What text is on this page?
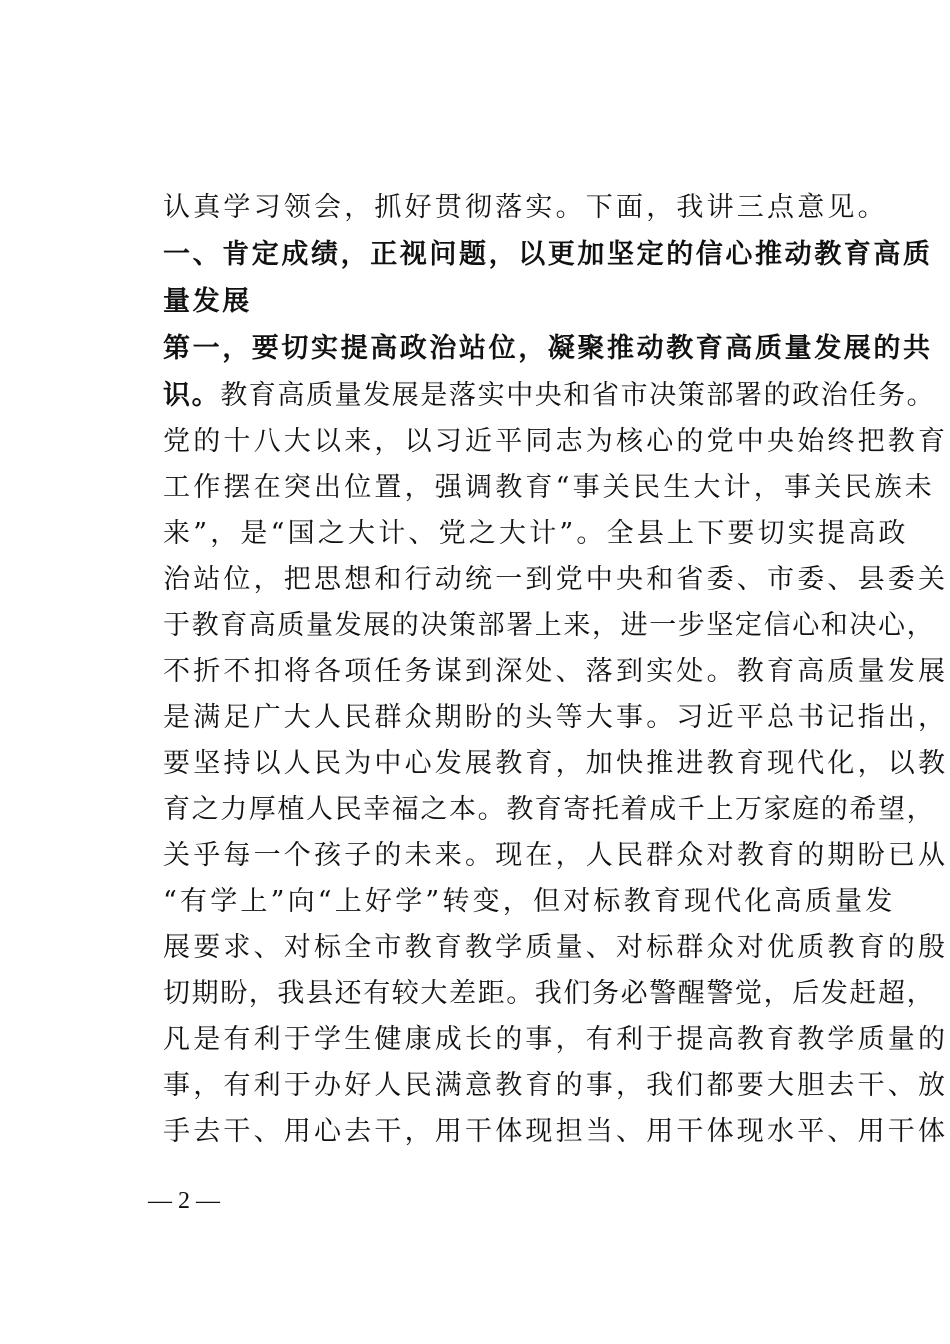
认真学习领会，抓好贯彻落实。下面，我讲三点意见。
一、肯定成绩，正视问题，以更加坚定的信心推动教育高质
量发展
第一，要切实提高政治站位，凝聚推动教育高质量发展的共
识。教育高质量发展是落实中央和省市决策部署的政治任务。
党的十八大以来，以习近平同志为核心的党中央始终把教育
工作摆在突出位置，强调教育“事关民生大计，事关民族未
来”，是“国之大计、党之大计”。全县上下要切实提高政
治站位，把思想和行动统一到党中央和省委、市委、县委关
于教育高质量发展的决策部署上来，进一步坚定信心和决心，
不折不扣将各项任务谋到深处、落到实处。教育高质量发展
是满足广大人民群众期盼的头等大事。习近平总书记指出，
要坚持以人民为中心发展教育，加快推进教育现代化，以教
育之力厚植人民幸福之本。教育寄托着成千上万家庭的希望，
关乎每一个孩子的未来。现在，人民群众对教育的期盼已从
“有学上”向“上好学”转变，但对标教育现代化高质量发
展要求、对标全市教育教学质量、对标群众对优质教育的殷
切期盼，我县还有较大差距。我们务必警醒警觉，后发赶超，
凡是有利于学生健康成长的事，有利于提高教育教学质量的
事，有利于办好人民满意教育的事，我们都要大胆去干、放
手去干、用心去干，用干体现担当、用干体现水平、用干体
— 2 —
